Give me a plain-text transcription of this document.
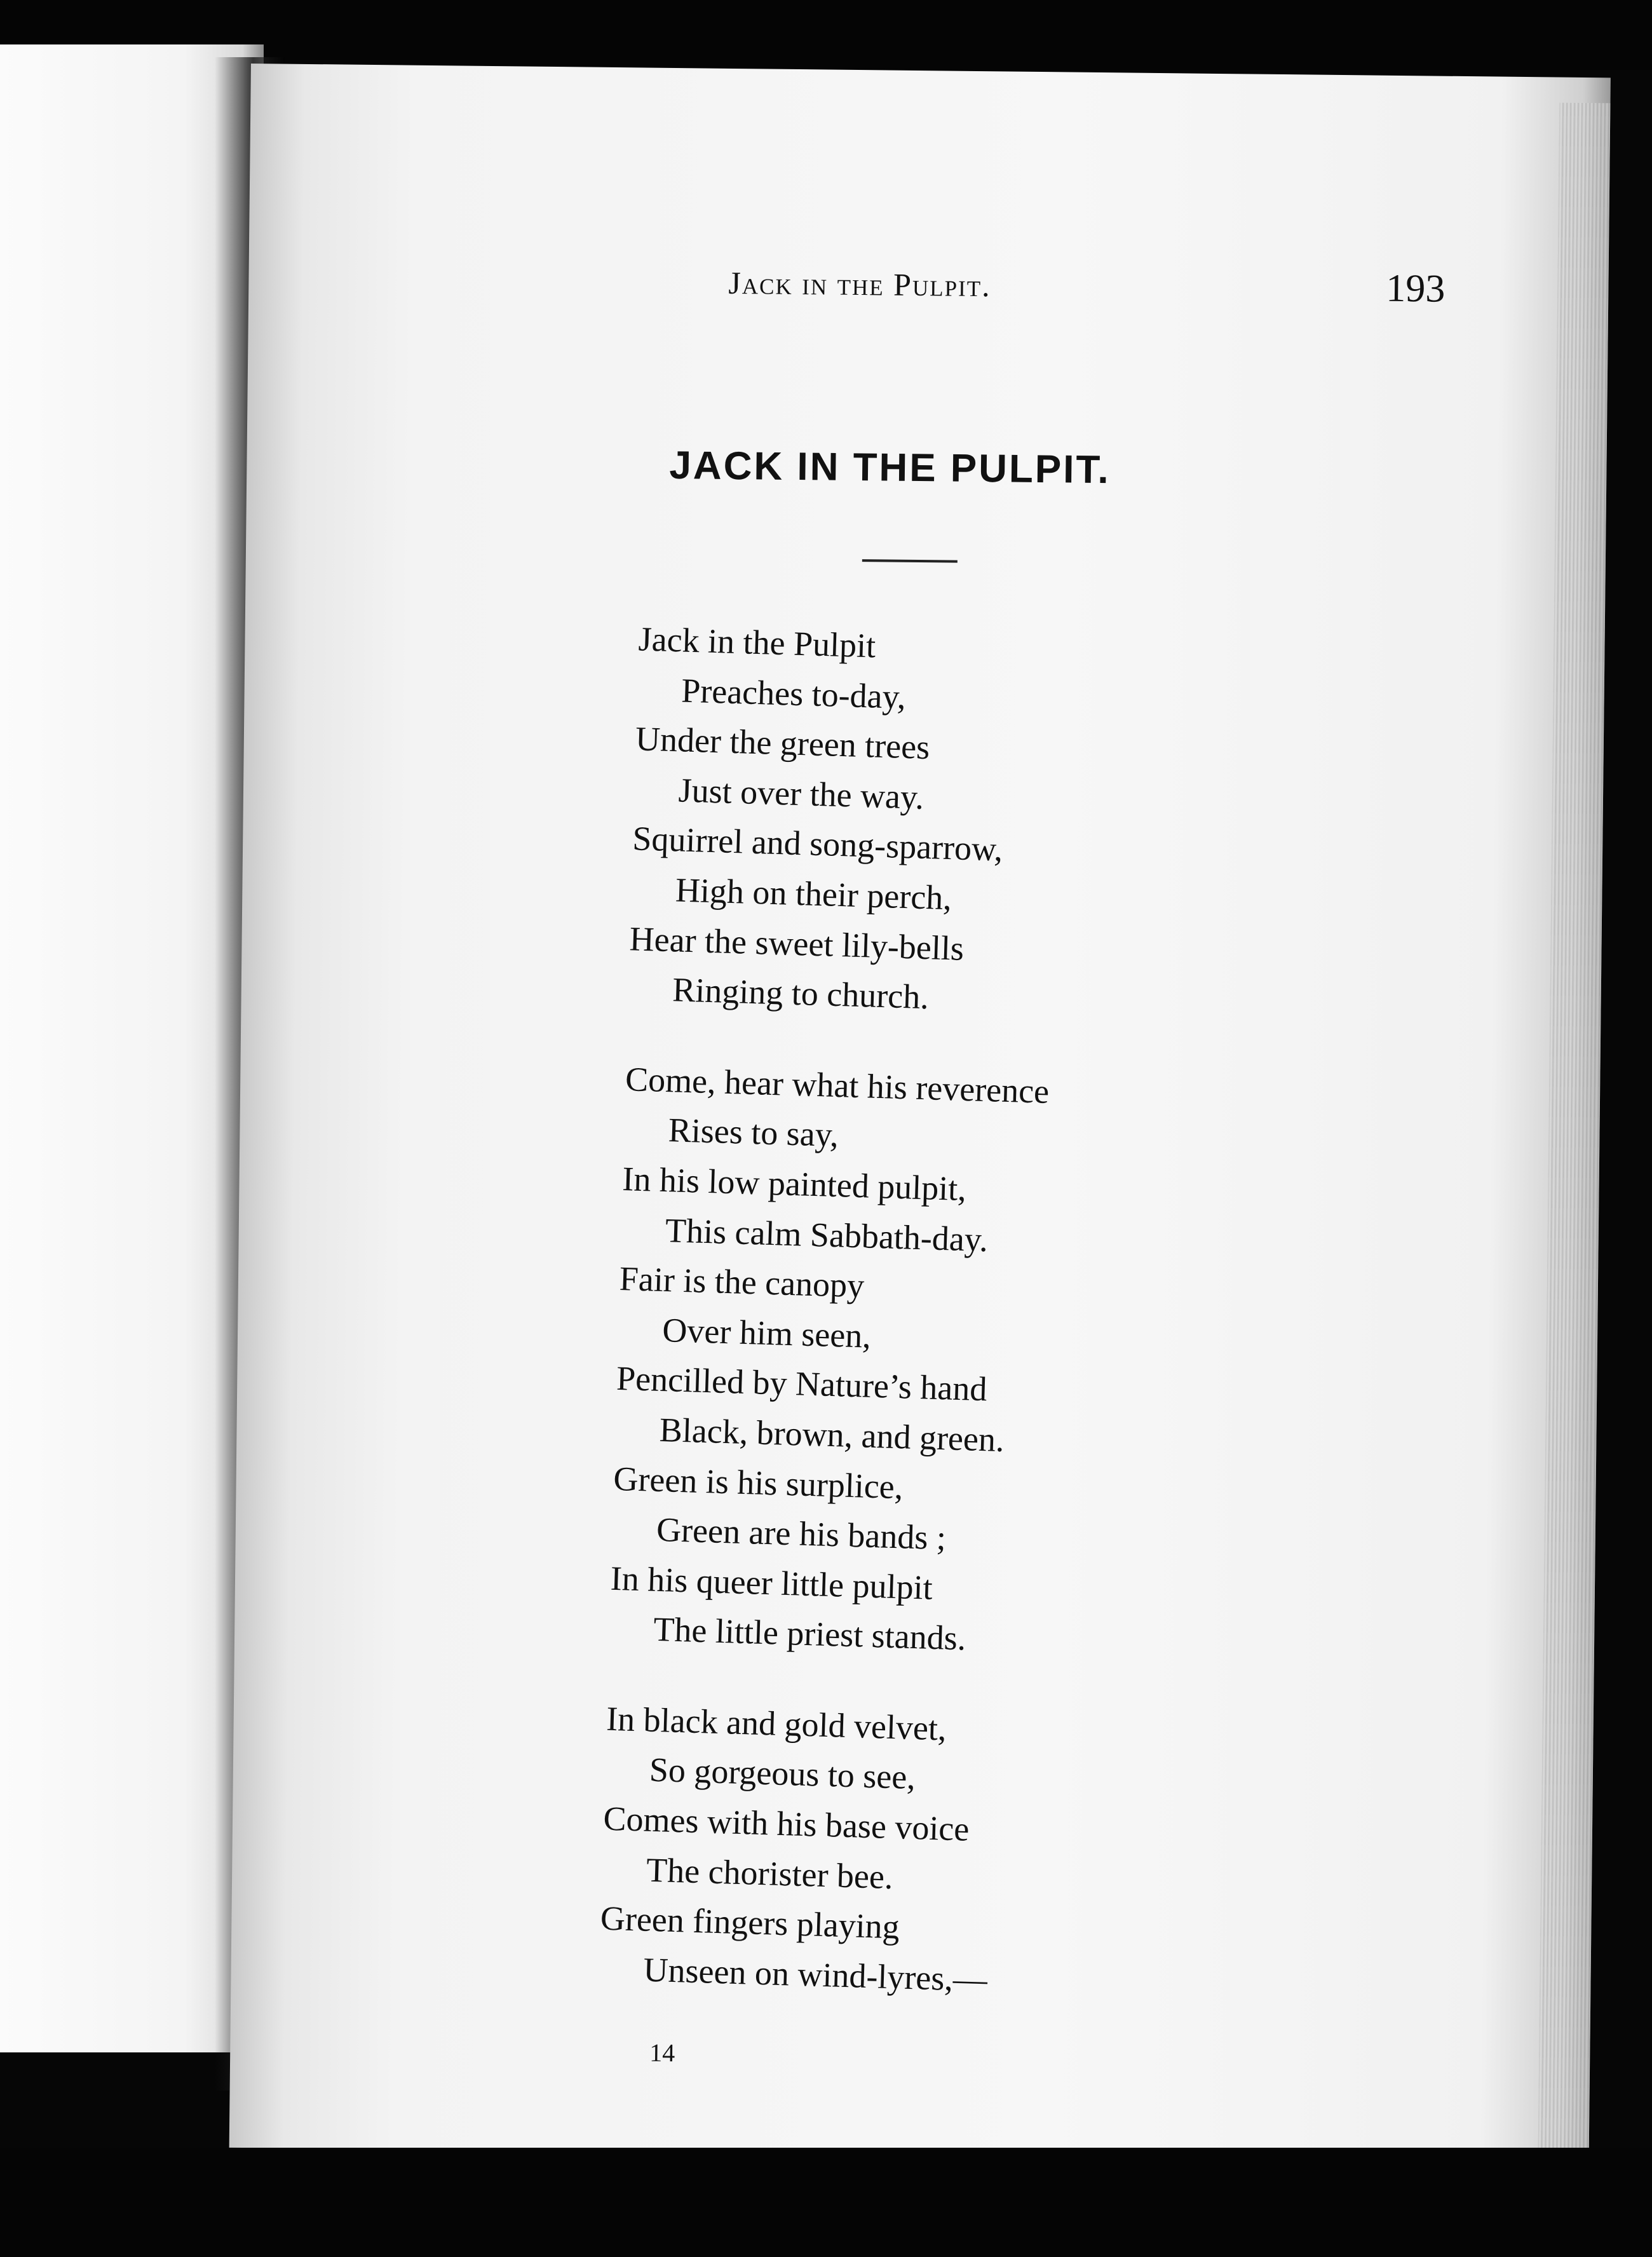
Jack in the Pulpit.	193
JACK IN THE PULPIT.
Jack in the Pulpit
Preaches to-day,
Under the green trees
Just over the way.
Squirrel and song-sparrow,
High on their perch,
Hear the sweet lily-bells
Ringing to church.
Come, hear what his reverence
Rises to say,
In his low painted pulpit,
This calm Sabbath-day.
Fair is the canopy
Over him seen,
Pencilled by Nature’s hand
Black, brown, and green.
Green is his surplice,
Green are his bands ;
In his queer little pulpit
The little priest stands.
In black and gold velvet,
So gorgeous to see,
Comes with his base voice
The chorister bee.
Green fingers playing
Unseen on wind-lyres,—
14
